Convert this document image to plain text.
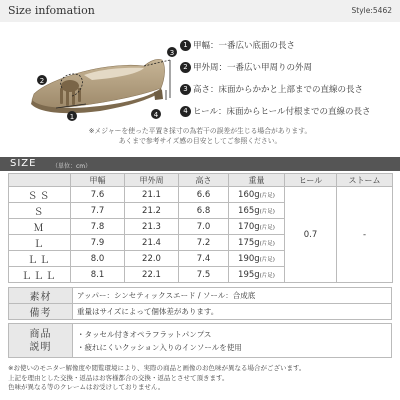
Size infomation	Style:5462
2
3
1	4
1 甲幅：一番広い底面の長さ
2 甲外周：一番広い甲周りの外周
3 高さ：床面からかかと上部までの直線の長さ
4 ヒール：床面からヒール付根までの直線の長さ
※メジャーを使った平置き採寸の為若干の誤差が生じる場合があります。
あくまで参考サイズ感の目安としてご参照ください。
SIZE	（単位：cm）
	甲幅	甲外周	高さ	重量	ヒール	ストーム
ＳＳ	7.6	21.1	6.6	160g(片足)	0.7	-
Ｓ	7.7	21.2	6.8	165g(片足)		
Ｍ	7.8	21.3	7.0	170g(片足)		
Ｌ	7.9	21.4	7.2	175g(片足)		
ＬＬ	8.0	22.0	7.4	190g(片足)		
ＬＬＬ	8.1	22.1	7.5	195g(片足)		
素材	アッパー：シンセティックスエード / ソール：合成底
備考	重量はサイズによって個体差があります。
商品説明	
・タッセル付きオペラフラットパンプス
・疲れにくいクッション入りのインソールを使用
※お使いのモニター解像度や閲覧環境により、実際の商品と画像のお色味が異なる場合がございます。
上記を理由とした交換・返品はお客様都合の交換・返品とさせて頂きます。
色味が異なる等のクレームはお受けしておりません。
